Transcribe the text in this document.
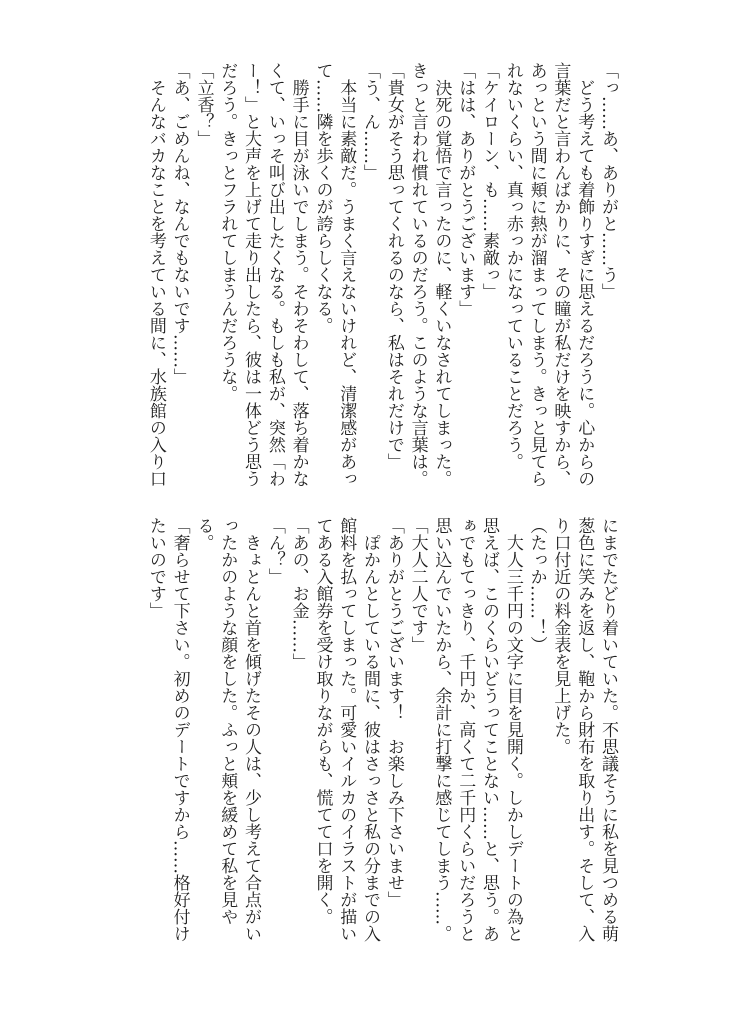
「っ……あ、ありがと……う」

　どう考えても着飾りすぎに思えるだろうに。心からの

言葉だと言わんばかりに、その瞳が私だけを映すから、

あっという間に頬に熱が溜まってしまう。きっと見てら

れないくらい、真っ赤っかになっていることだろう。

「ケイローン、も……素敵っ」

「はは、ありがとうございます」

　決死の覚悟で言ったのに、軽くいなされてしまった。

きっと言われ慣れているのだろう。このような言葉は。

「貴女がそう思ってくれるのなら、私はそれだけで」

「う、ん……」

　本当に素敵だ。うまく言えないけれど、清潔感があっ

て……隣を歩くのが誇らしくなる。

　勝手に目が泳いでしまう。そわそわして、落ち着かな

くて、いっそ叫び出したくなる。もしも私が、突然「わ

ー！」と大声を上げて走り出したら、彼は一体どう思う

だろう。きっとフラれてしまうんだろうな。

「立香？」

「あ、ごめんね、なんでもないです……」

　そんなバカなことを考えている間に、水族館の入り口

にまでたどり着いていた。不思議そうに私を見つめる萌

葱色に笑みを返し、鞄から財布を取り出す。そして、入

り口付近の料金表を見上げた。

（たっか……！）

　大人三千円の文字に目を見開く。しかしデートの為と

思えば、このくらいどうってことない……と、思う。あ

ぁでもてっきり、千円か、高くて二千円くらいだろうと

思い込んでいたから、余計に打撃に感じてしまう……。

「大人二人です」

「ありがとうございます！　お楽しみ下さいませ」

　ぽかんとしている間に、彼はさっさと私の分までの入

館料を払ってしまった。可愛いイルカのイラストが描い

てある入館券を受け取りながらも、慌てて口を開く。

「あの、お金……」

「ん？」

　きょとんと首を傾げたその人は、少し考えて合点がい

ったかのような顔をした。ふっと頬を緩めて私を見や

る。

「奢らせて下さい。初めのデートですから……格好付け

たいのです」
